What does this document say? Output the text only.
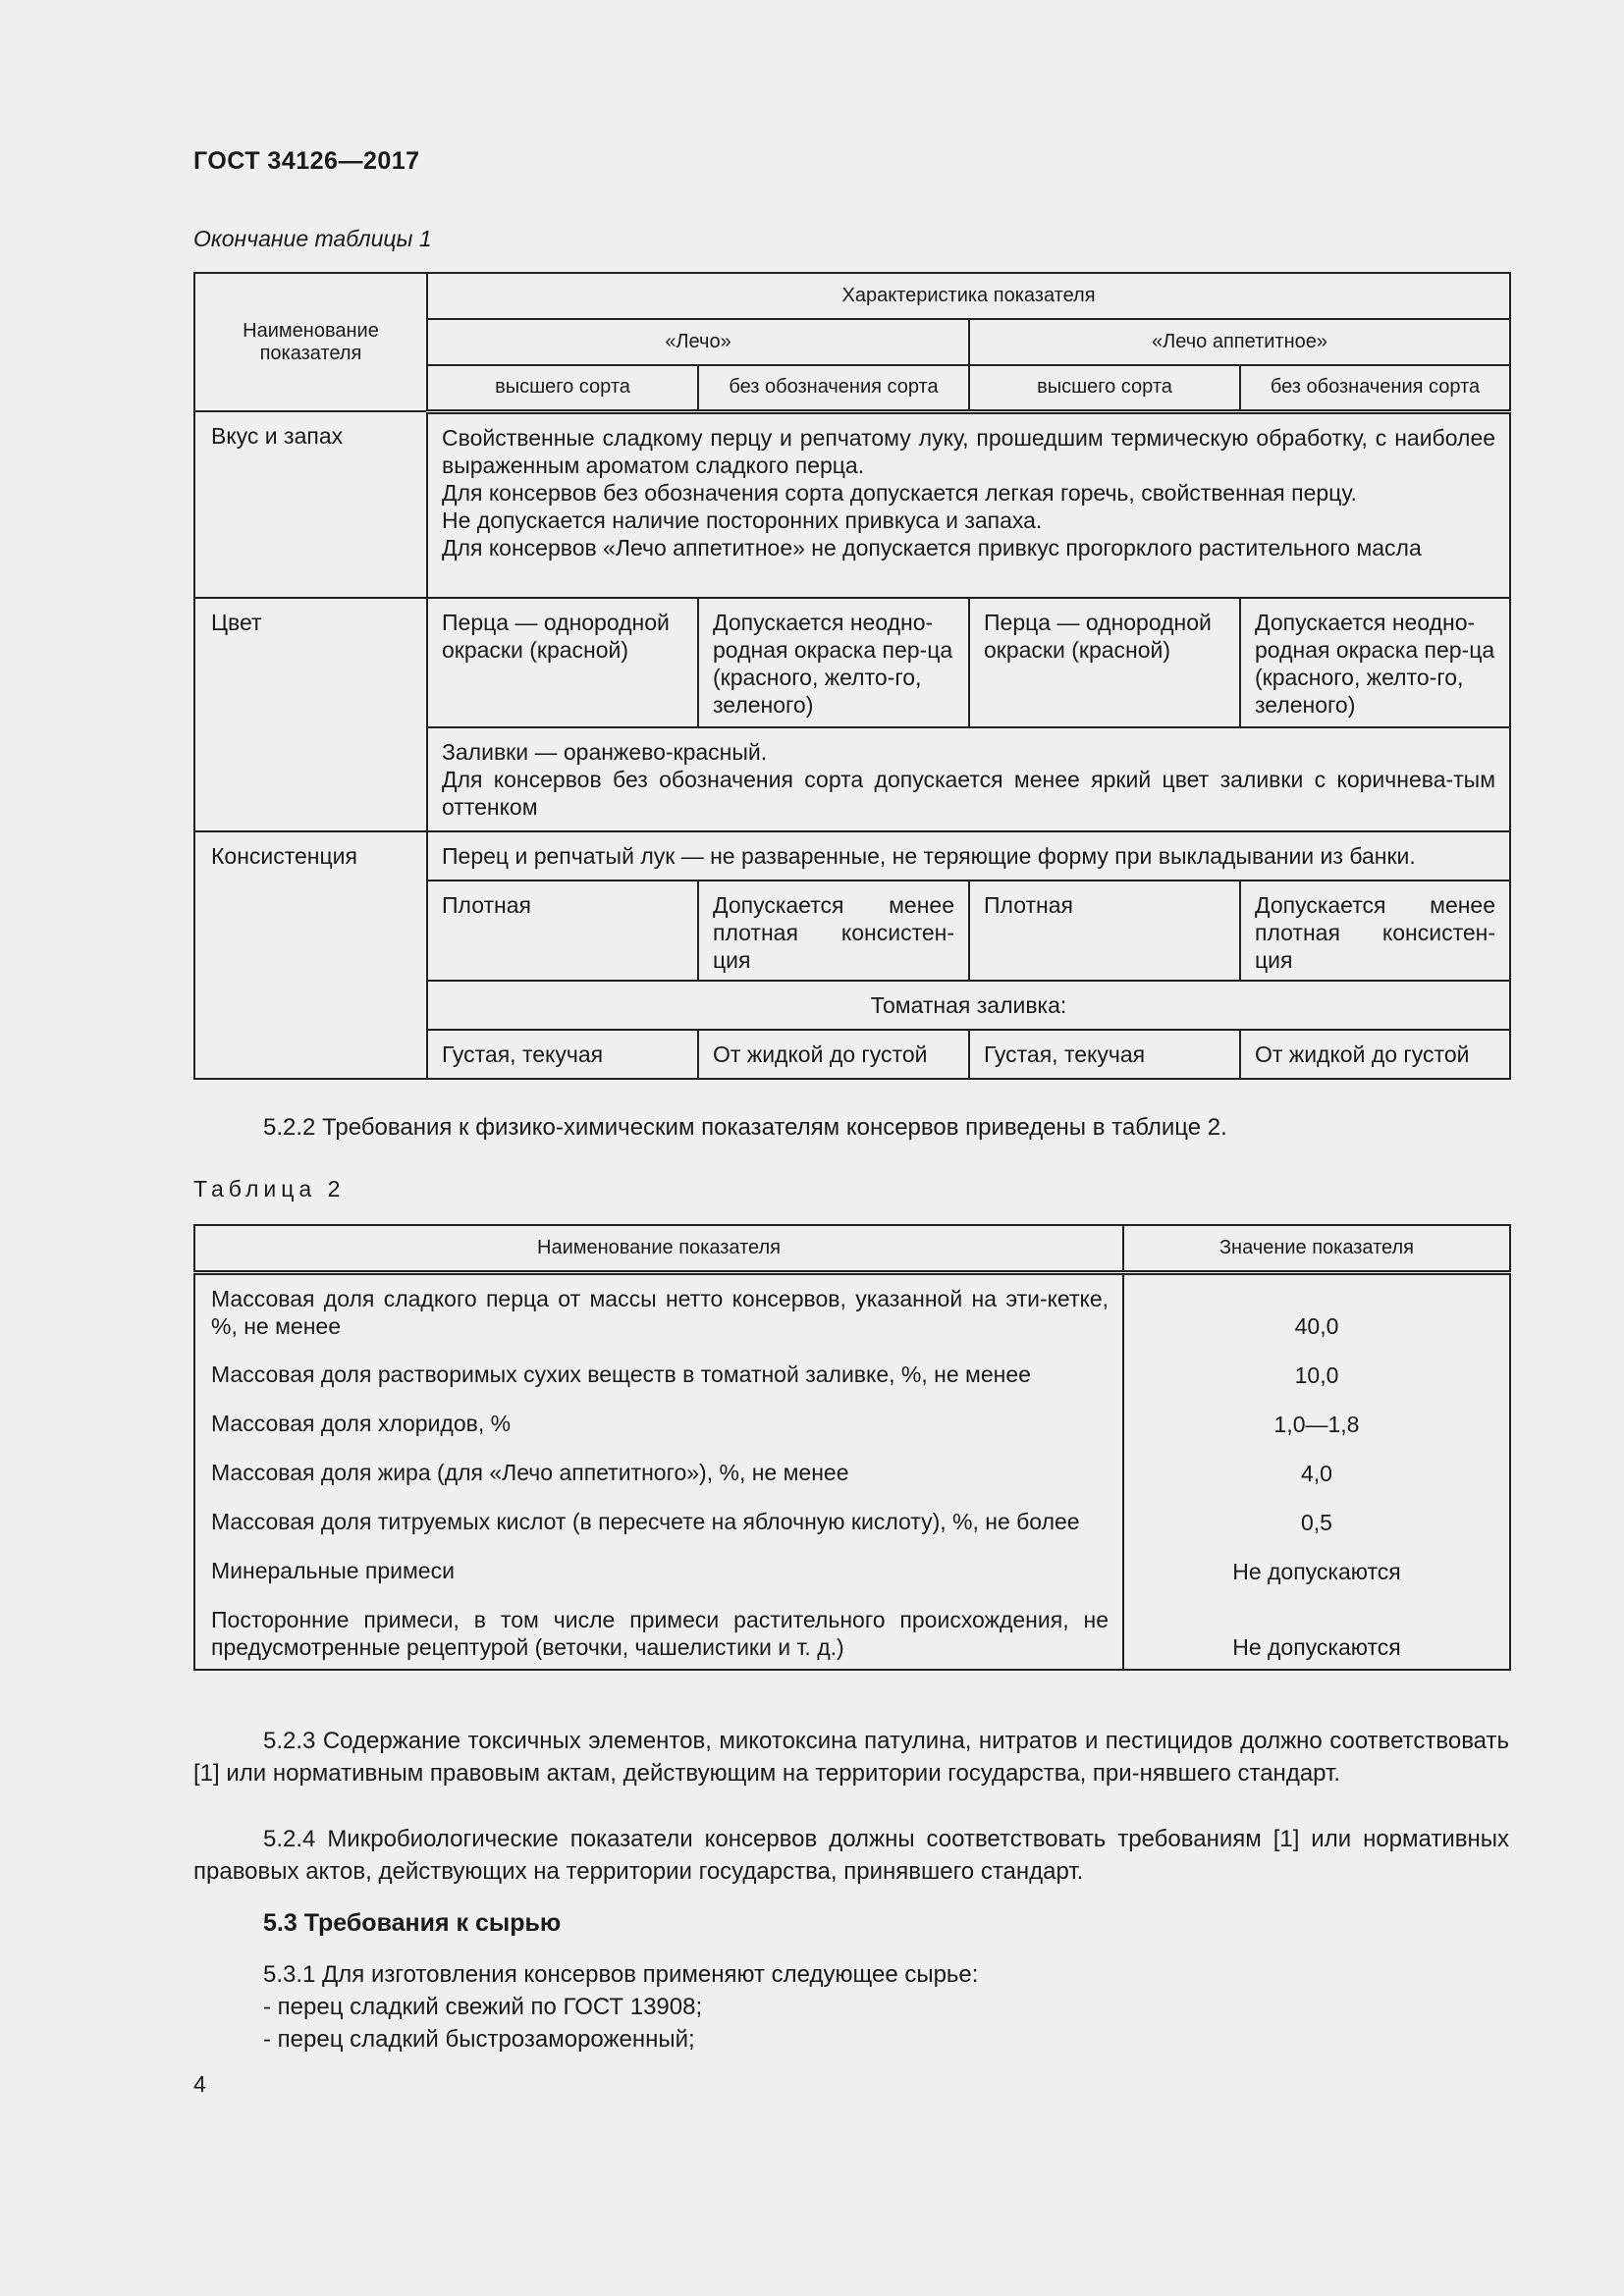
ГОСТ 34126—2017
Окончание таблицы 1
Наименование показателя	Характеристика показателя			
	«Лечо»		«Лечо аппетитное»	
	высшего сорта	без обозначения сорта	высшего сорта	без обозначения сорта
Вкус и запах	Свойственные сладкому перцу и репчатому луку, прошедшим термическую обработку, с наиболее выраженным ароматом сладкого перца.
Для консервов без обозначения сорта допускается легкая горечь, свойственная перцу.
Не допускается наличие посторонних привкуса и запаха.
Для консервов «Лечо аппетитное» не допускается привкус прогорклого растительного масла			

Цвет	Перца — однородной окраски (красной)	Допускается неодно-родная окраска пер-ца (красного, желто-го, зеленого)	Перца — однородной окраски (красной)	Допускается неодно-родная окраска пер-ца (красного, желто-го, зеленого)

	Заливки — оранжево-красный.
Для консервов без обозначения сорта допускается менее яркий цвет заливки с коричнева-тым оттенком			

Консистенция	Перец и репчатый лук — не разваренные, не теряющие форму при выкладывании из банки.			
	Плотная	Допускается менее плотная консистен-ция	Плотная	Допускается менее плотная консистен-ция
	Томатная заливка:			
	Густая, текучая	От жидкой до густой	Густая, текучая	От жидкой до густой
5.2.2 Требования к физико-химическим показателям консервов приведены в таблице 2.
Таблица 2
Наименование показателя	Значение показателя
Массовая доля сладкого перца от массы нетто консервов, указанной на эти-кетке, %, не менее	40,0
Массовая доля растворимых сухих веществ в томатной заливке, %, не менее	10,0
Массовая доля хлоридов, %	1,0—1,8
Массовая доля жира (для «Лечо аппетитного»), %, не менее	4,0
Массовая доля титруемых кислот (в пересчете на яблочную кислоту), %, не более	0,5
Минеральные примеси	Не допускаются
Посторонние примеси, в том числе примеси растительного происхождения, не предусмотренные рецептурой (веточки, чашелистики и т. д.)	Не допускаются
5.2.3 Содержание токсичных элементов, микотоксина патулина, нитратов и пестицидов должно соответствовать [1] или нормативным правовым актам, действующим на территории государства, при-нявшего стандарт.
5.2.4 Микробиологические показатели консервов должны соответствовать требованиям [1] или нормативных правовых актов, действующих на территории государства, принявшего стандарт.
5.3 Требования к сырью
5.3.1 Для изготовления консервов применяют следующее сырье:
- перец сладкий свежий по ГОСТ 13908;
- перец сладкий быстрозамороженный;
4
